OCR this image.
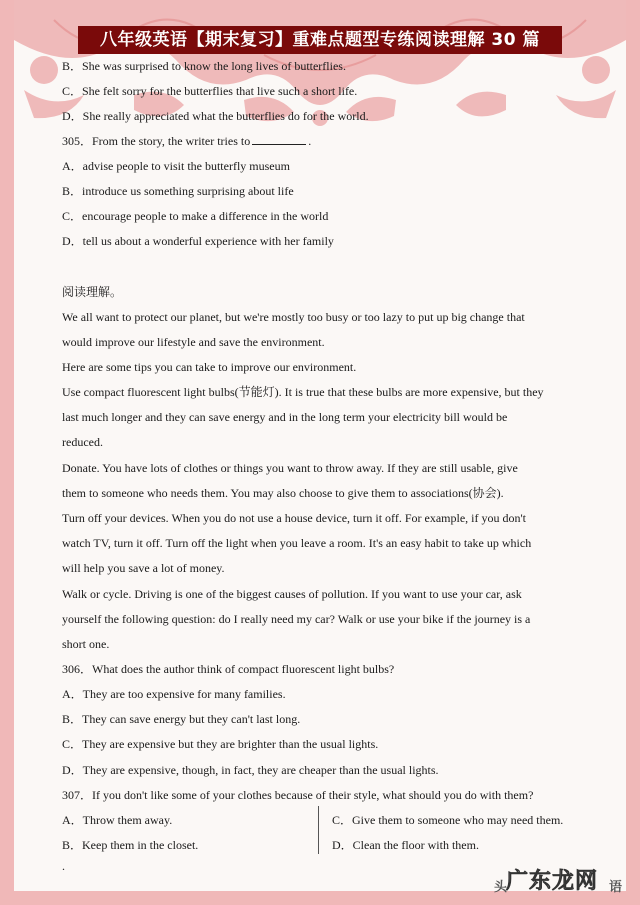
八年级英语【期末复习】重难点题型专练阅读理解 30 篇
B．She was surprised to know the long lives of butterflies.
C．She felt sorry for the butterflies that live such a short life.
D．She really appreciated what the butterflies do for the world.
305．From the story, the writer tries to	.
A．advise people to visit the butterfly museum
B．introduce us something surprising about life
C．encourage people to make a difference in the world
D．tell us about a wonderful experience with her family
阅读理解。
We all want to protect our planet, but we're mostly too busy or too lazy to put up big change that
would improve our lifestyle and save the environment.
Here are some tips you can take to improve our environment.
Use compact fluorescent light bulbs(节能灯). It is true that these bulbs are more expensive, but they
last much longer and they can save energy and in the long term your electricity bill would be
reduced.
Donate. You have lots of clothes or things you want to throw away. If they are still usable, give
them to someone who needs them. You may also choose to give them to associations(协会).
Turn off your devices. When you do not use a house device, turn it off. For example, if you don't
watch TV, turn it off. Turn off the light when you leave a room. It's an easy habit to take up which
will help you save a lot of money.
Walk or cycle. Driving is one of the biggest causes of pollution. If you want to use your car, ask
yourself the following question: do I really need my car? Walk or use your bike if the journey is a
short one.
306．What does the author think of compact fluorescent light bulbs?
A．They are too expensive for many families.
B．They can save energy but they can't last long.
C．They are expensive but they are brighter than the usual lights.
D．They are expensive, though, in fact, they are cheaper than the usual lights.
307．If you don't like some of your clothes because of their style, what should you do with them?
A．Throw them away.	C．Give them to someone who may need them.
B．Keep them in the closet.	D．Clean the floor with them.
.
头
广东龙网 语
